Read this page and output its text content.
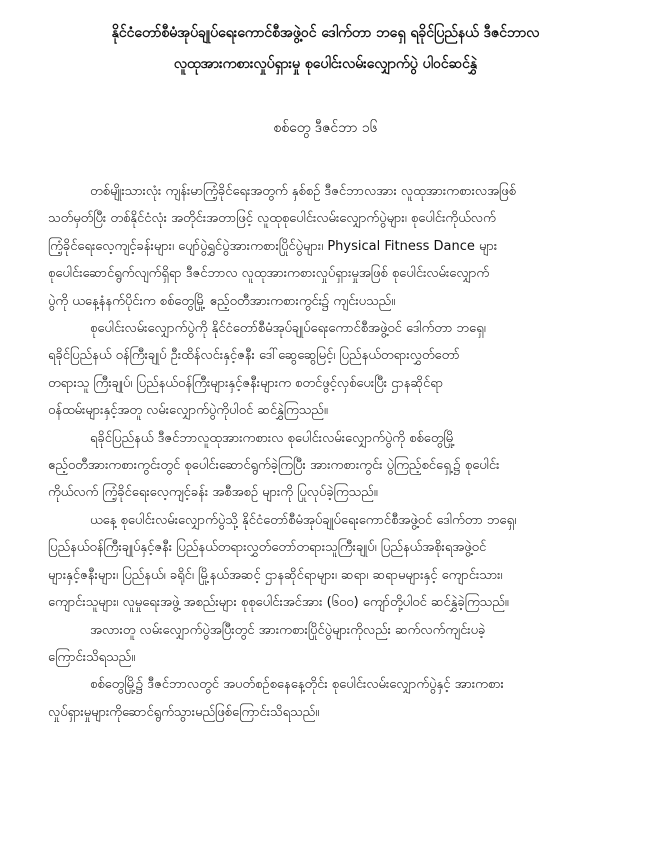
နိုင်ငံတော်စီမံအုပ်ချုပ်ရေးကောင်စီအဖွဲ့ဝင် ဒေါက်တာ ဘရှေ ရခိုင်ပြည်နယ် ဒီဇင်ဘာလ
လူထုအားကစားလှုပ်ရှားမှု စုပေါင်းလမ်းလျှောက်ပွဲ ပါဝင်ဆင်နွှဲ
စစ်တွေ ဒီဇင်ဘာ ၁၆

တစ်မျိုးသားလုံး ကျန်းမာကြံ့ခိုင်ရေးအတွက် နှစ်စဉ် ဒီဇင်ဘာလအား လူထုအားကစားလအဖြစ်
သတ်မှတ်ပြီး တစ်နိုင်ငံလုံး အတိုင်းအတာဖြင့် လူထုစုပေါင်းလမ်းလျှောက်ပွဲများ၊ စုပေါင်းကိုယ်လက်
ကြံ့ခိုင်ရေးလေ့ကျင့်ခန်းများ၊ ပျော်ပွဲရွှင်ပွဲအားကစားပြိုင်ပွဲများ၊ Physical Fitness Dance များ
စုပေါင်းဆောင်ရွက်လျက်ရှိရာ ဒီဇင်ဘာလ လူထုအားကစားလှုပ်ရှားမှုအဖြစ် စုပေါင်းလမ်းလျှောက်
ပွဲကို ယနေ့နံနက်ပိုင်းက စစ်တွေမြို့ ဧည့်ဝတီအားကစားကွင်း၌ ကျင်းပသည်။

စုပေါင်းလမ်းလျှောက်ပွဲကို နိုင်ငံတော်စီမံအုပ်ချုပ်ရေးကောင်စီအဖွဲ့ဝင် ဒေါက်တာ ဘရှေ၊
ရခိုင်ပြည်နယ် ဝန်ကြီးချုပ် ဦးထိန်လင်းနှင့်ဇနီး ဒေါ်ဆွေဆွေမြင့်၊ ပြည်နယ်တရားလွှတ်တော်
တရားသူ ကြီးချုပ်၊ ပြည်နယ်ဝန်ကြီးများနှင့်ဇနီးများက စတင်ဖွင့်လှစ်ပေးပြီး ဌာနဆိုင်ရာ
ဝန်ထမ်းများနှင့်အတူ လမ်းလျှောက်ပွဲကိုပါဝင် ဆင်နွှဲကြသည်။

ရခိုင်ပြည်နယ် ဒီဇင်ဘာလူထုအားကစားလ စုပေါင်းလမ်းလျှောက်ပွဲကို စစ်တွေမြို့
ဧည့်ဝတီအားကစားကွင်းတွင် စုပေါင်းဆောင်ရွက်ခဲ့ကြပြီး အားကစားကွင်း ပွဲကြည့်စင်ရှေ့၌ စုပေါင်း
ကိုယ်လက် ကြံ့ခိုင်ရေးလေ့ကျင့်ခန်း အစီအစဉ် များကို ပြုလုပ်ခဲ့ကြသည်။

ယနေ့ စုပေါင်းလမ်းလျှောက်ပွဲသို့ နိုင်ငံတော်စီမံအုပ်ချုပ်ရေးကောင်စီအဖွဲ့ဝင် ဒေါက်တာ ဘရှေ၊
ပြည်နယ်ဝန်ကြီးချုပ်နှင့်ဇနီး ပြည်နယ်တရားလွှတ်တော်တရားသူကြီးချုပ်၊ ပြည်နယ်အစိုးရအဖွဲ့ဝင်
များနှင့်ဇနီးများ၊ ပြည်နယ်၊ ခရိုင်၊ မြို့နယ်အဆင့် ဌာနဆိုင်ရာများ၊ ဆရာ၊ ဆရာမများနှင့် ကျောင်းသား၊
ကျောင်းသူများ၊ လူမှုရေးအဖွဲ့ အစည်းများ စုစုပေါင်းအင်အား (၆၀၀) ကျော်တို့ပါဝင် ဆင်နွှဲခဲ့ကြသည်။

အလားတူ လမ်းလျှောက်ပွဲအပြီးတွင် အားကစားပြိုင်ပွဲများကိုလည်း ဆက်လက်ကျင်းပခဲ့
ကြောင်းသိရသည်။

စစ်တွေမြို့၌ ဒီဇင်ဘာလတွင် အပတ်စဉ်စနေနေ့တိုင်း စုပေါင်းလမ်းလျှောက်ပွဲနှင့် အားကစား
လှုပ်ရှားမှုများကိုဆောင်ရွက်သွားမည်ဖြစ်ကြောင်းသိရသည်။
